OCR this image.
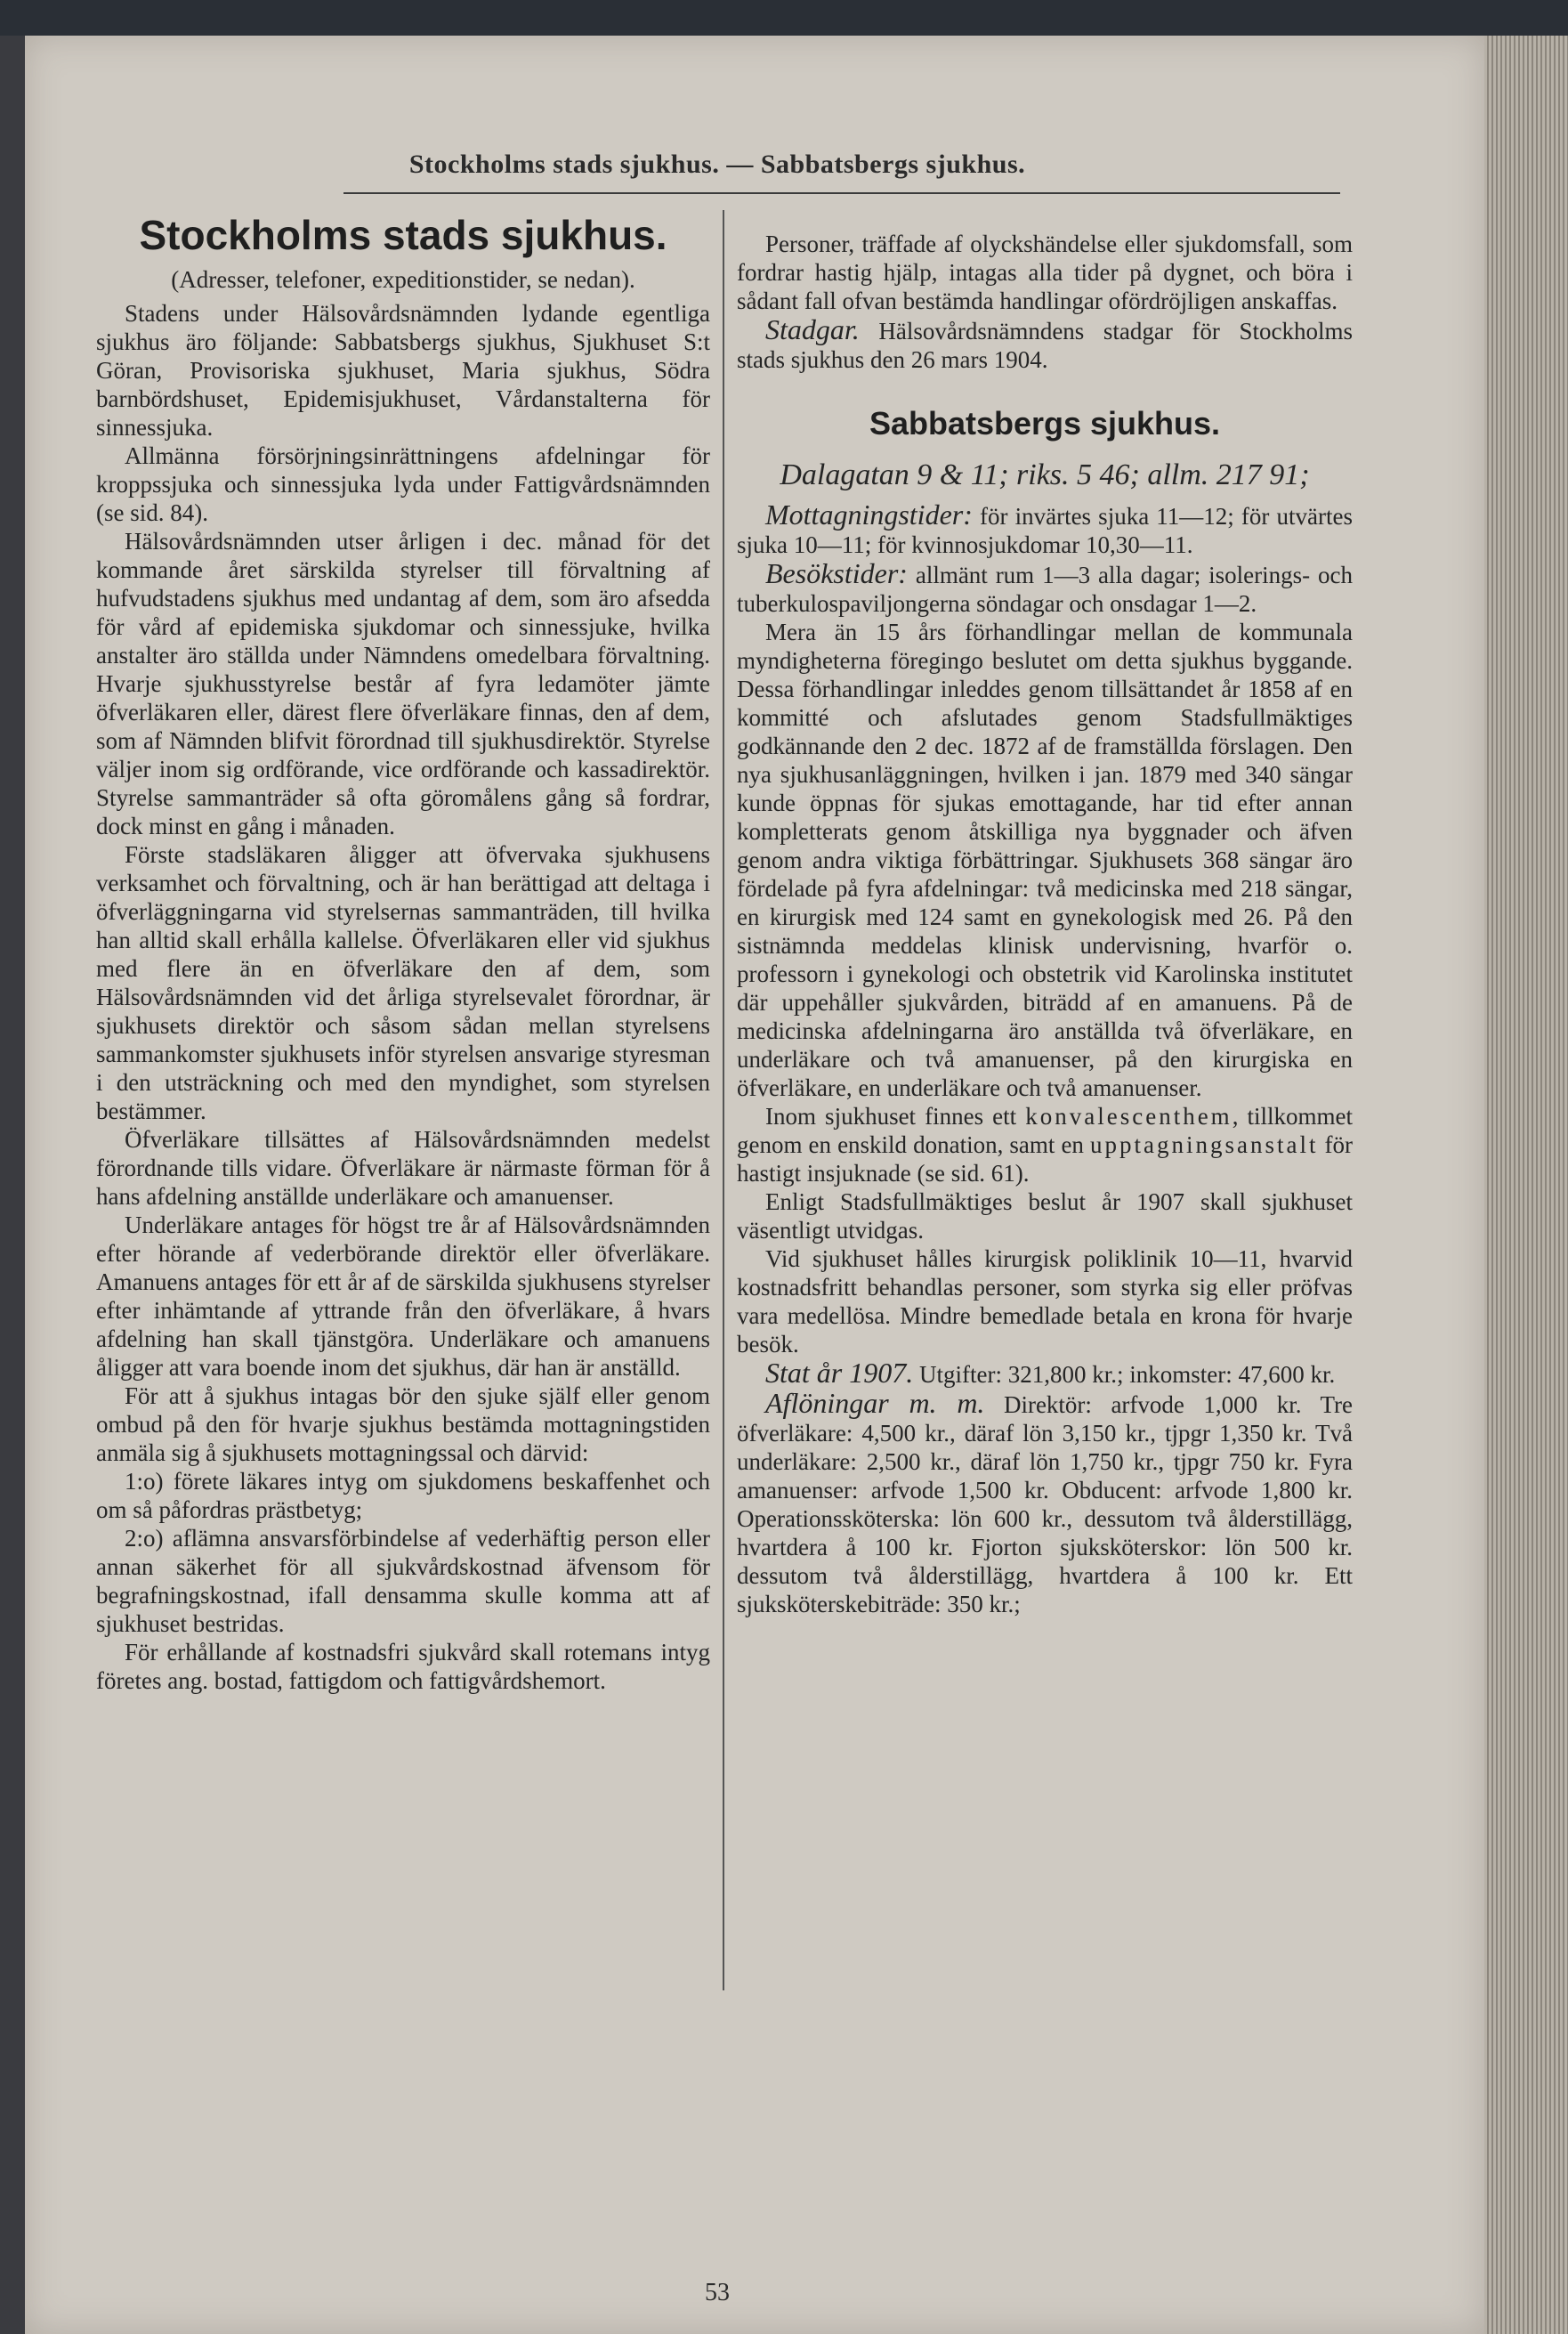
Stockholms stads sjukhus. — Sabbatsbergs sjukhus.
Stockholms stads sjukhus.
(Adresser, telefoner, expeditionstider, se nedan).

Stadens under Hälsovårdsnämnden lydande egentliga sjukhus äro följande: Sabbatsbergs sjukhus, Sjukhuset S:t Göran, Provisoriska sjukhuset, Maria sjukhus, Södra barnbördshuset, Epidemisjukhuset, Vårdanstalterna för sinnessjuka.

Allmänna försörjningsinrättningens afdelningar för kroppssjuka och sinnessjuka lyda under Fattigvårdsnämnden (se sid. 84).

Hälsovårdsnämnden utser årligen i dec. månad för det kommande året särskilda styrelser till förvaltning af hufvudstadens sjukhus med undantag af dem, som äro afsedda för vård af epidemiska sjukdomar och sinnessjuke, hvilka anstalter äro ställda under Nämndens omedelbara förvaltning. Hvarje sjukhusstyrelse består af fyra ledamöter jämte öfverläkaren eller, därest flere öfverläkare finnas, den af dem, som af Nämnden blifvit förordnad till sjukhusdirektör. Styrelse väljer inom sig ordförande, vice ordförande och kassadirektör. Styrelse sammanträder så ofta göromålens gång så fordrar, dock minst en gång i månaden.

Förste stadsläkaren åligger att öfvervaka sjukhusens verksamhet och förvaltning, och är han berättigad att deltaga i öfverläggningarna vid styrelsernas sammanträden, till hvilka han alltid skall erhålla kallelse. Öfverläkaren eller vid sjukhus med flere än en öfverläkare den af dem, som Hälsovårdsnämnden vid det årliga styrelsevalet förordnar, är sjukhusets direktör och såsom sådan mellan styrelsens sammankomster sjukhusets inför styrelsen ansvarige styresman i den utsträckning och med den myndighet, som styrelsen bestämmer.

Öfverläkare tillsättes af Hälsovårdsnämnden medelst förordnande tills vidare. Öfverläkare är närmaste förman för å hans afdelning anställde underläkare och amanuenser.

Underläkare antages för högst tre år af Hälsovårdsnämnden efter hörande af vederbörande direktör eller öfverläkare. Amanuens antages för ett år af de särskilda sjukhusens styrelser efter inhämtande af yttrande från den öfverläkare, å hvars afdelning han skall tjänstgöra. Underläkare och amanuens åligger att vara boende inom det sjukhus, där han är anställd.

För att å sjukhus intagas bör den sjuke själf eller genom ombud på den för hvarje sjukhus bestämda mottagningstiden anmäla sig å sjukhusets mottagningssal och därvid:

1:o) förete läkares intyg om sjukdomens beskaffenhet och om så påfordras prästbetyg;

2:o) aflämna ansvarsförbindelse af vederhäftig person eller annan säkerhet för all sjukvårdskostnad äfvensom för begrafningskostnad, ifall densamma skulle komma att af sjukhuset bestridas.

För erhållande af kostnadsfri sjukvård skall rotemans intyg företes ang. bostad, fattigdom och fattigvårdshemort.

Personer, träffade af olyckshändelse eller sjukdomsfall, som fordrar hastig hjälp, intagas alla tider på dygnet, och böra i sådant fall ofvan bestämda handlingar ofördröjligen anskaffas.

Stadgar. Hälsovårdsnämndens stadgar för Stockholms stads sjukhus den 26 mars 1904.

Sabbatsbergs sjukhus.
Dalagatan 9 & 11; riks. 5 46; allm. 217 91;

Mottagningstider: för invärtes sjuka 11—12; för utvärtes sjuka 10—11; för kvinnosjukdomar 10,30—11.

Besökstider: allmänt rum 1—3 alla dagar; isolerings- och tuberkulospaviljongerna söndagar och onsdagar 1—2.

Mera än 15 års förhandlingar mellan de kommunala myndigheterna föregingo beslutet om detta sjukhus byggande. Dessa förhandlingar inleddes genom tillsättandet år 1858 af en kommitté och afslutades genom Stadsfullmäktiges godkännande den 2 dec. 1872 af de framställda förslagen. Den nya sjukhusanläggningen, hvilken i jan. 1879 med 340 sängar kunde öppnas för sjukas emottagande, har tid efter annan kompletterats genom åtskilliga nya byggnader och äfven genom andra viktiga förbättringar. Sjukhusets 368 sängar äro fördelade på fyra afdelningar: två medicinska med 218 sängar, en kirurgisk med 124 samt en gynekologisk med 26. På den sistnämnda meddelas klinisk undervisning, hvarför o. professorn i gynekologi och obstetrik vid Karolinska institutet där uppehåller sjukvården, biträdd af en amanuens. På de medicinska afdelningarna äro anställda två öfverläkare, en underläkare och två amanuenser, på den kirurgiska en öfverläkare, en underläkare och två amanuenser.

Inom sjukhuset finnes ett konvalescenthem, tillkommet genom en enskild donation, samt en upptagningsanstalt för hastigt insjuknade (se sid. 61).

Enligt Stadsfullmäktiges beslut år 1907 skall sjukhuset väsentligt utvidgas.

Vid sjukhuset hålles kirurgisk poliklinik 10—11, hvarvid kostnadsfritt behandlas personer, som styrka sig eller pröfvas vara medellösa. Mindre bemedlade betala en krona för hvarje besök.

Stat år 1907. Utgifter: 321,800 kr.; inkomster: 47,600 kr.

Aflöningar m. m. Direktör: arfvode 1,000 kr. Tre öfverläkare: 4,500 kr., däraf lön 3,150 kr., tjpgr 1,350 kr. Två underläkare: 2,500 kr., däraf lön 1,750 kr., tjpgr 750 kr. Fyra amanuenser: arfvode 1,500 kr. Obducent: arfvode 1,800 kr. Operationssköterska: lön 600 kr., dessutom två ålderstillägg, hvartdera å 100 kr. Fjorton sjuksköterskor: lön 500 kr. dessutom två ålderstillägg, hvartdera å 100 kr. Ett sjuksköterskebiträde: 350 kr.;

53
